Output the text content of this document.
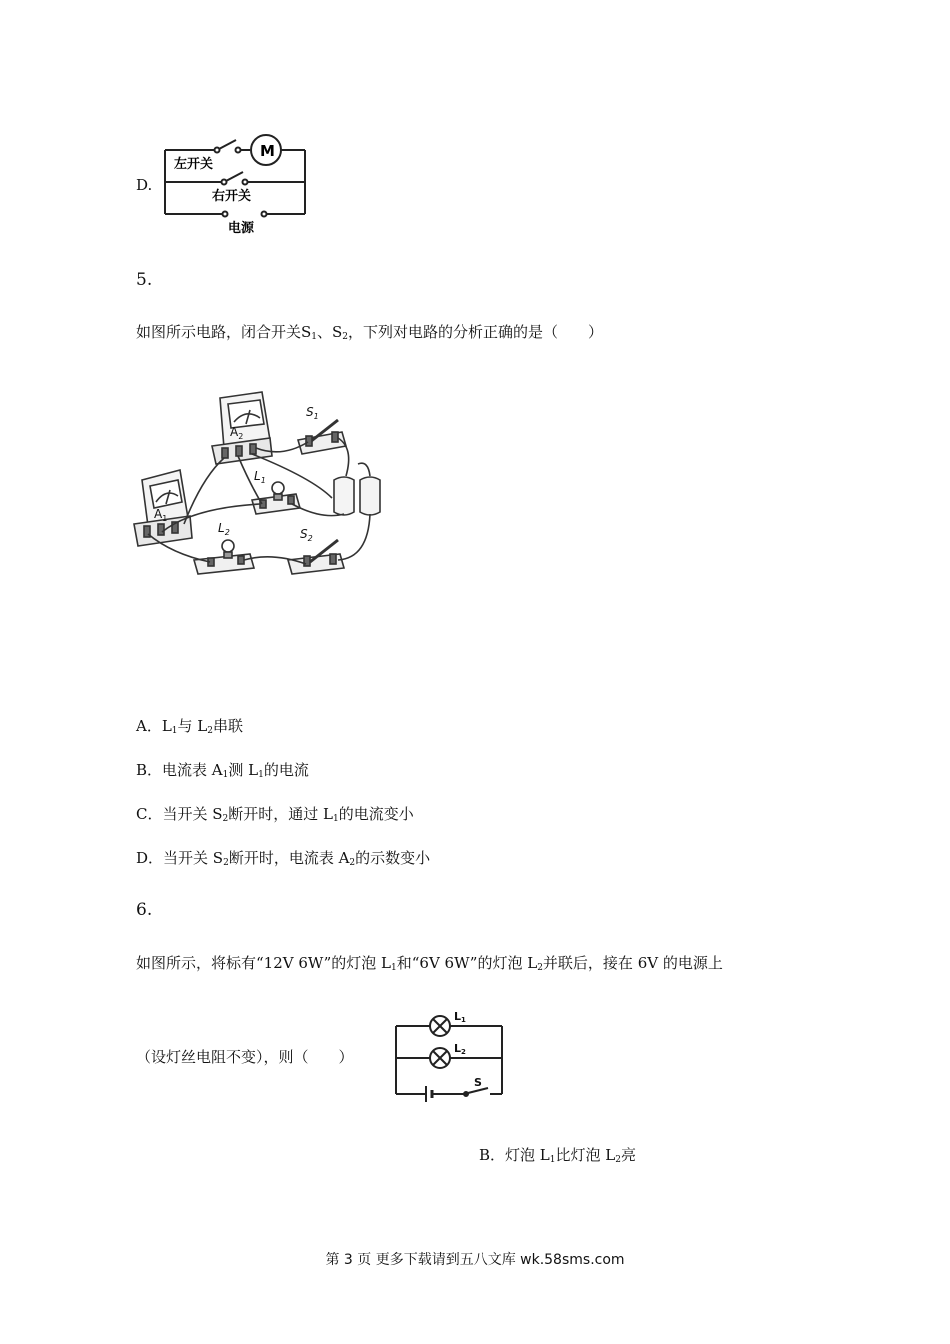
D.
M
左开关
右开关
电源
5.
如图所示电路，闭合开关$S_1$、$S_2$，下列对电路的分析正确的是（　　）
$A_2$
$A_1$
$L_1$
$L_2$
$S_1$
$S_2$
A．$L_1$与 $L_2$串联
B．电流表 $A_1$测 $L_1$的电流
C．当开关 $S_2$断开时，通过 $L_1$的电流变小
D．当开关 $S_2$断开时，电流表 $A_2$的示数变小
6.
如图所示，将标有“12V 6W”的灯泡 $L_1$和“6V 6W”的灯泡 $L_2$并联后，接在 6V 的电源上
（设灯丝电阻不变），则（　　）
L1
L2
S
B．灯泡 $L_1$比灯泡 $L_2$亮
第 3 页 更多下载请到五八文库 wk.58sms.com
